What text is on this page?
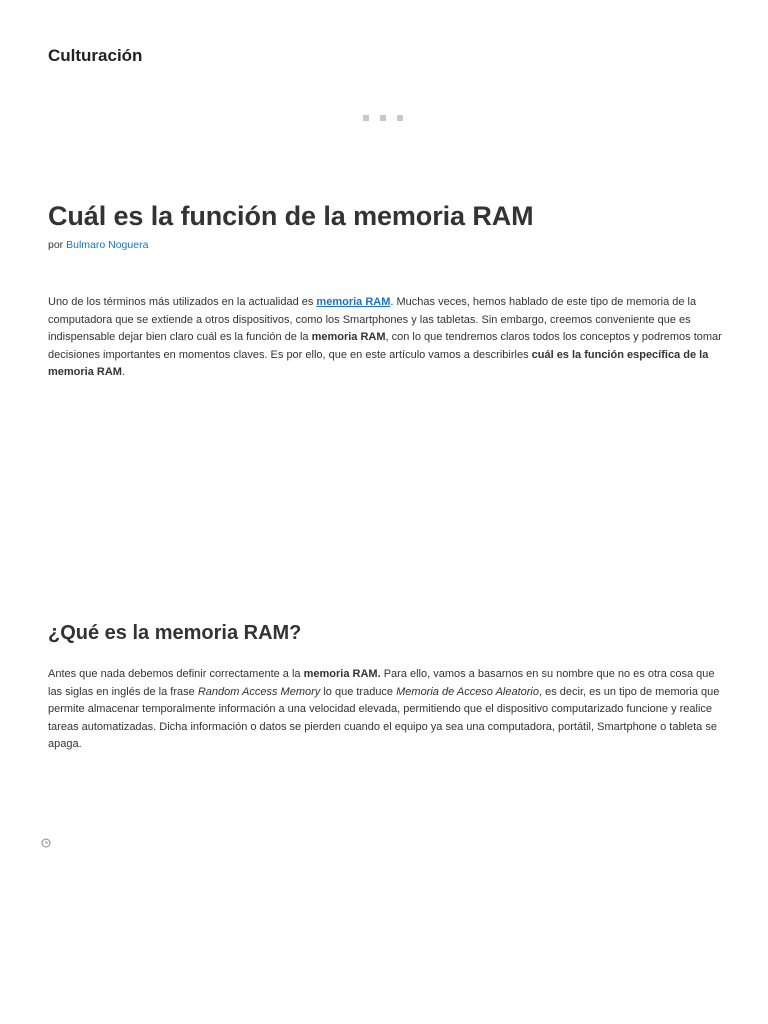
Culturación
Cuál es la función de la memoria RAM
por Bulmaro Noguera

Uno de los términos más utilizados en la actualidad es memoria RAM. Muchas veces, hemos hablado de este tipo de memoria de la computadora que se extiende a otros dispositivos, como los Smartphones y las tabletas. Sin embargo, creemos conveniente que es indispensable dejar bien claro cuál es la función de la memoria RAM, con lo que tendremos claros todos los conceptos y podremos tomar decisiones importantes en momentos claves. Es por ello, que en este artículo vamos a describirles cuál es la función específica de la memoria RAM.

¿Qué es la memoria RAM?

Antes que nada debemos definir correctamente a la memoria RAM. Para ello, vamos a basarnos en su nombre que no es otra cosa que las siglas en inglés de la frase Random Access Memory lo que traduce Memoria de Acceso Aleatorio, es decir, es un tipo de memoria que permite almacenar temporalmente información a una velocidad elevada, permitiendo que el dispositivo computarizado funcione y realice tareas automatizadas. Dicha información o datos se pierden cuando el equipo ya sea una computadora, portátil, Smartphone o tableta se apaga.
